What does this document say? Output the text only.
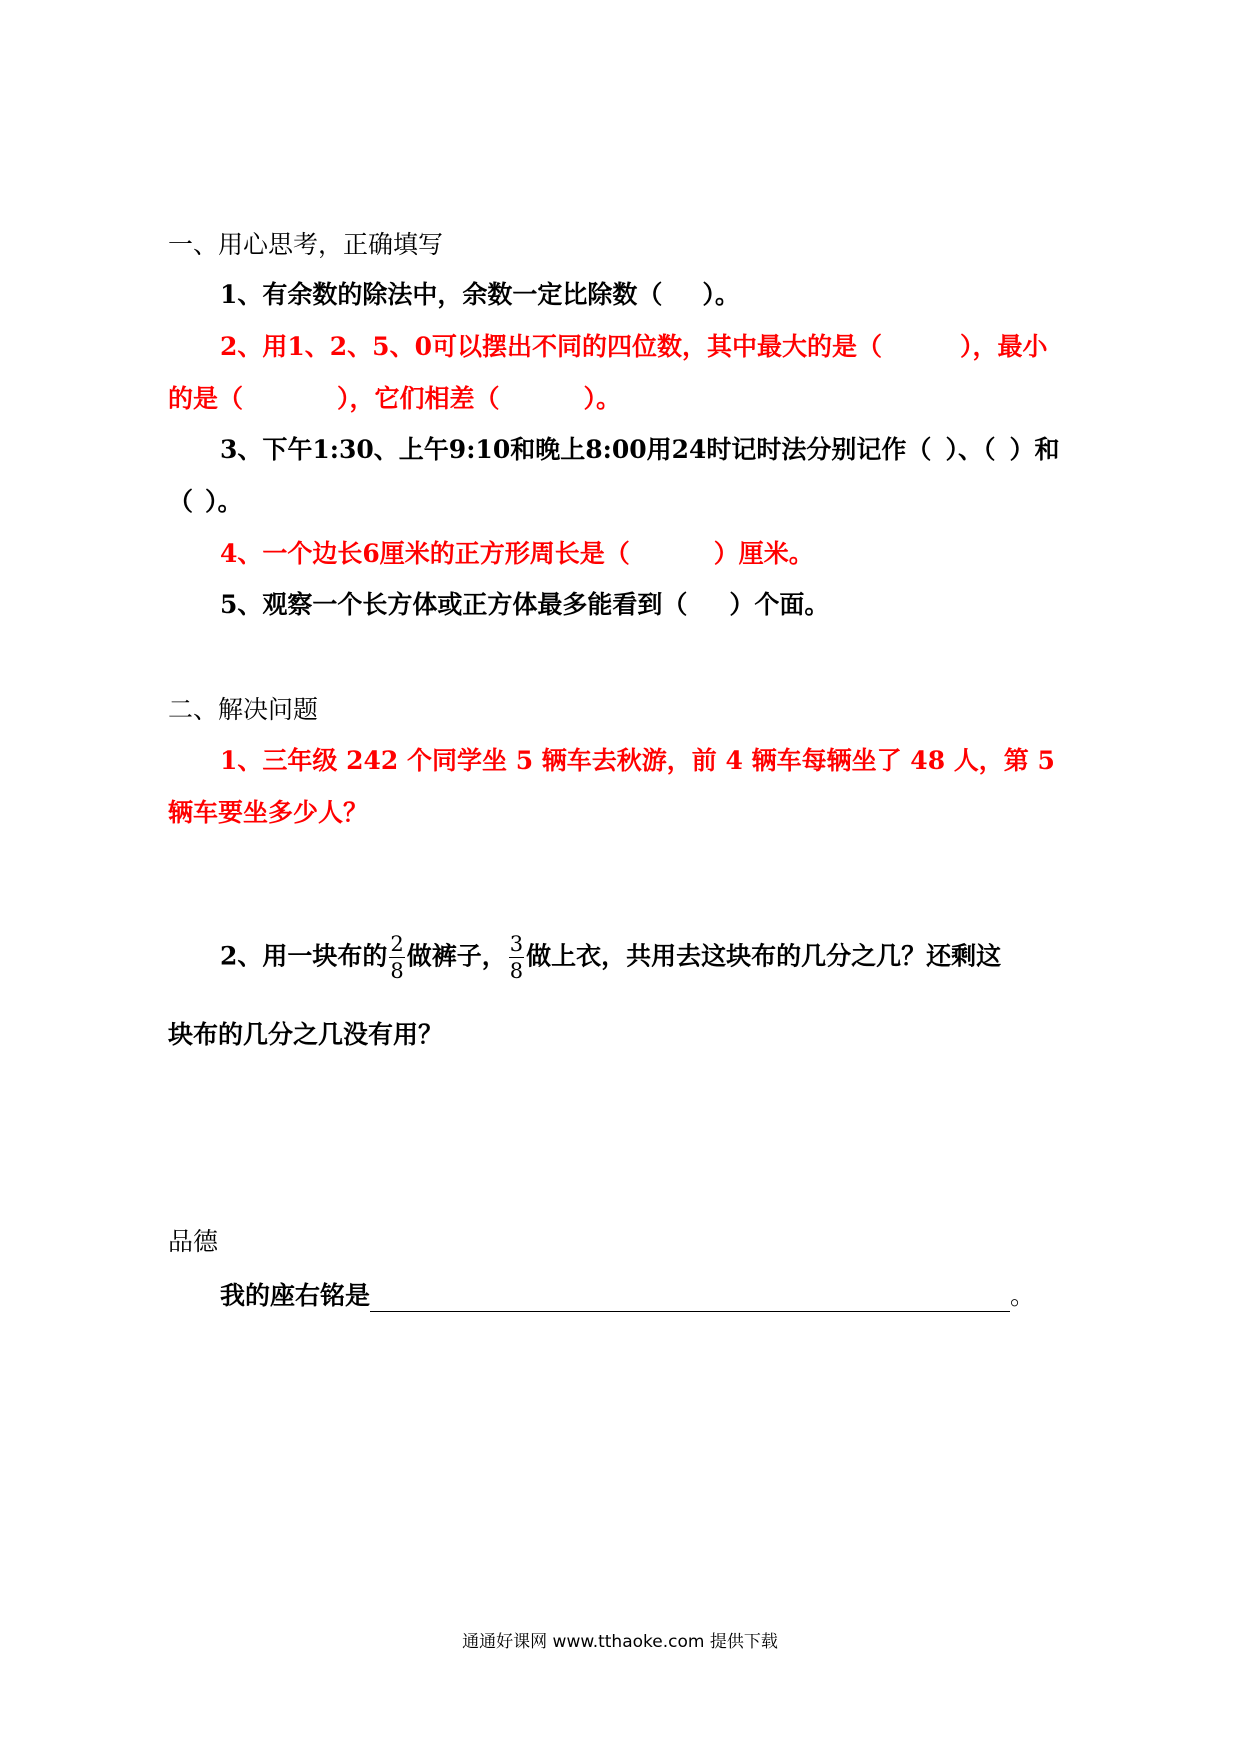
一、用心思考，正确填写
1、有余数的除法中，余数一定比除数（ ）。
2、用1、2、5、0可以摆出不同的四位数，其中最大的是（	），最小
的是（	），它们相差（	）。
3、下午1:30、上午9:10和晚上8:00用24时记时法分别记作（ ）、（ ）和
（ ）。
4、一个边长6厘米的正方形周长是（	）厘米。
5、观察一个长方体或正方体最多能看到（ ）个面。
二、解决问题
1、三年级 242 个同学坐 5 辆车去秋游，前 4 辆车每辆坐了 48 人，第 5
辆车要坐多少人？
2、用一块布的 $\frac{2}{8}$ 做裤子， $\frac{3}{8}$ 做上衣，共用去这块布的几分之几？还剩这
块布的几分之几没有用？
品德
我的座右铭是	。
通通好课网 www.tthaoke.com 提供下载
